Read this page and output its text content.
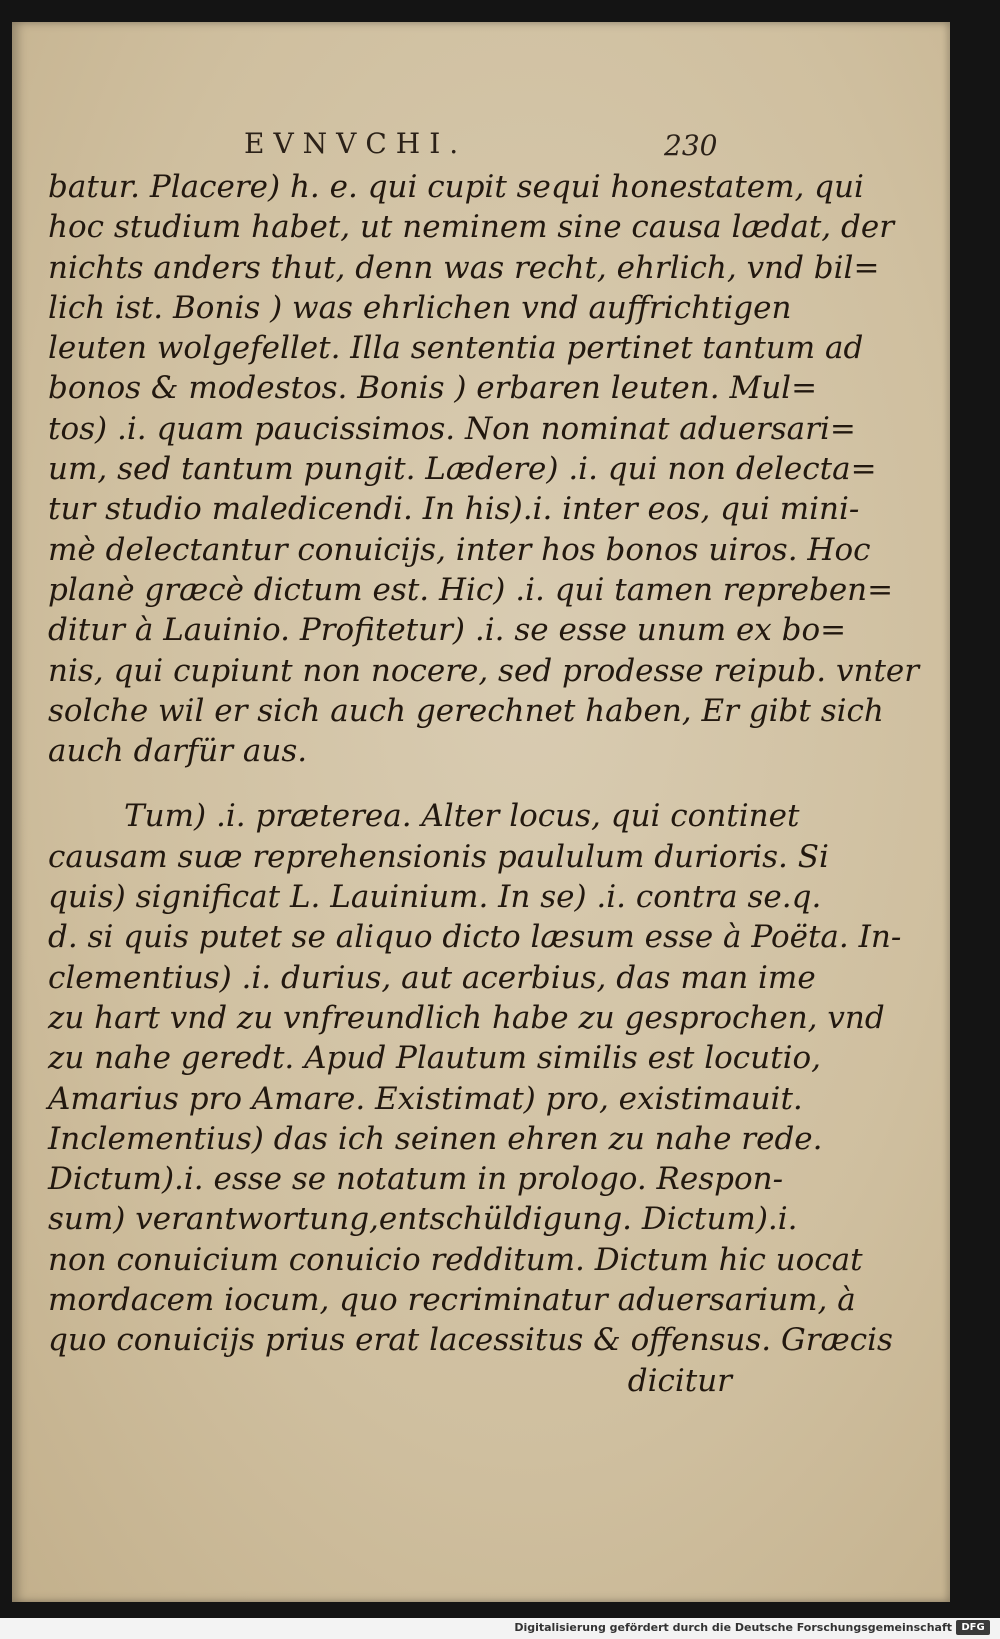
EVNVCHI.	230
batur. Placere) h. e. qui cupit sequi honestatem, qui
hoc studium habet, ut neminem sine causa lædat, der
nichts anders thut, denn was recht, ehrlich, vnd bil=
lich ist. Bonis ) was ehrlichen vnd auffrichtigen
leuten wolgefellet. Illa sententia pertinet tantum ad
bonos & modestos. Bonis ) erbaren leuten. Mul=
tos) .i. quam paucissimos. Non nominat aduersari=
um, sed tantum pungit. Lædere) .i. qui non delecta=
tur studio maledicendi. In his).i. inter eos, qui mini-
mè delectantur conuicijs, inter hos bonos uiros. Hoc
planè græcè dictum est. Hic) .i. qui tamen repreben=
ditur à Lauinio. Profitetur) .i. se esse unum ex bo=
nis, qui cupiunt non nocere, sed prodesse reipub. vnter
solche wil er sich auch gerechnet haben, Er gibt sich
auch darfür aus.
Tum) .i. præterea. Alter locus, qui continet
causam suæ reprehensionis paululum durioris. Si
quis) significat L. Lauinium. In se) .i. contra se.q.
d. si quis putet se aliquo dicto læsum esse à Poëta. In-
clementius) .i. durius, aut acerbius, das man ime
zu hart vnd zu vnfreundlich habe zu gesprochen, vnd
zu nahe geredt. Apud Plautum similis est locutio,
Amarius pro Amare. Existimat) pro, existimauit.
Inclementius) das ich seinen ehren zu nahe rede.
Dictum).i. esse se notatum in prologo. Respon-
sum) verantwortung,entschüldigung. Dictum).i.
non conuicium conuicio redditum. Dictum hic uocat
mordacem iocum, quo recriminatur aduersarium, à
quo conuicijs prius erat lacessitus & offensus. Græcis
dicitur
Digitalisierung gefördert durch die Deutsche Forschungsgemeinschaft DFG
